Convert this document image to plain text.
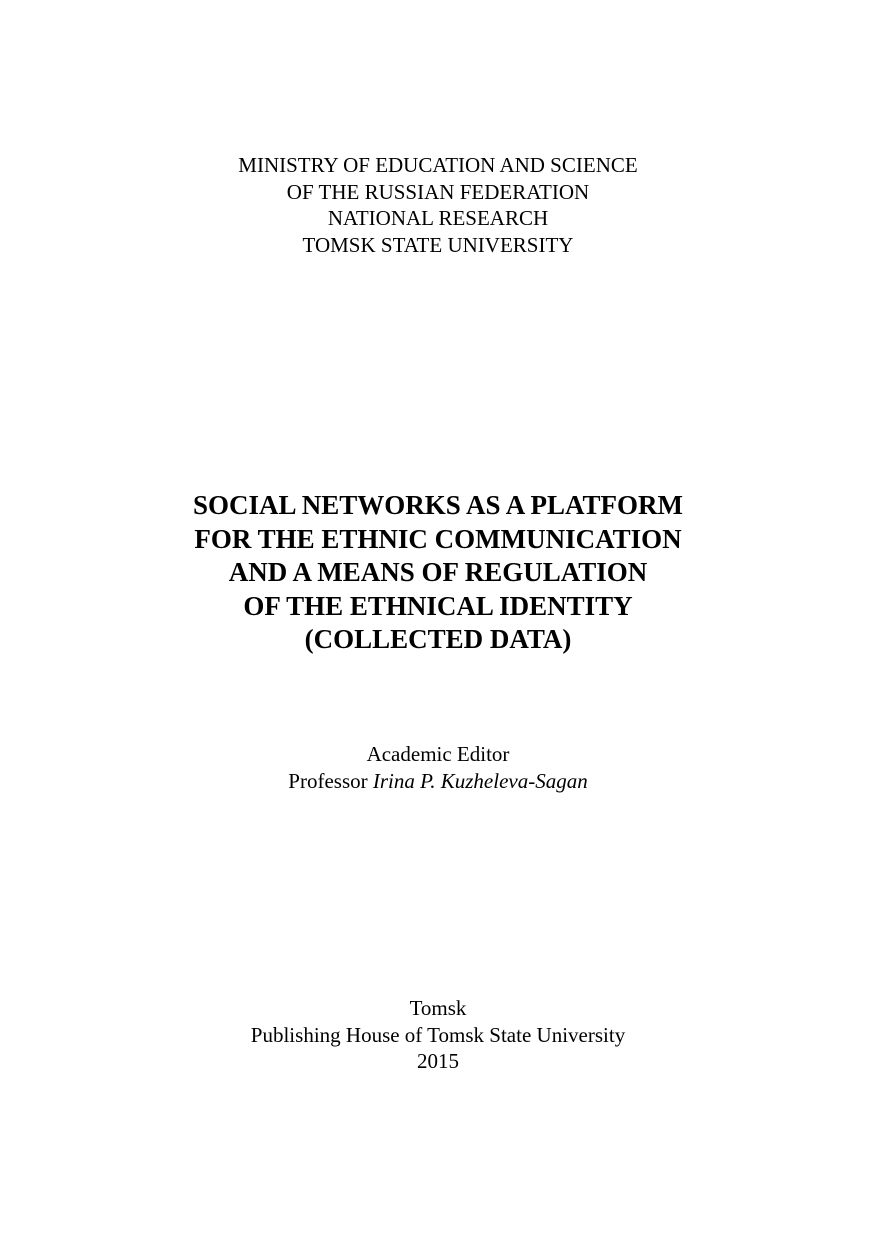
MINISTRY OF EDUCATION AND SCIENCE
OF THE RUSSIAN FEDERATION
NATIONAL RESEARCH
TOMSK STATE UNIVERSITY
SOCIAL NETWORKS AS A PLATFORM
FOR THE ETHNIC COMMUNICATION
AND A MEANS OF REGULATION
OF THE ETHNICAL IDENTITY
(COLLECTED DATA)
Academic Editor
Professor Irina P. Kuzheleva-Sagan
Tomsk
Publishing House of Tomsk State University
2015
